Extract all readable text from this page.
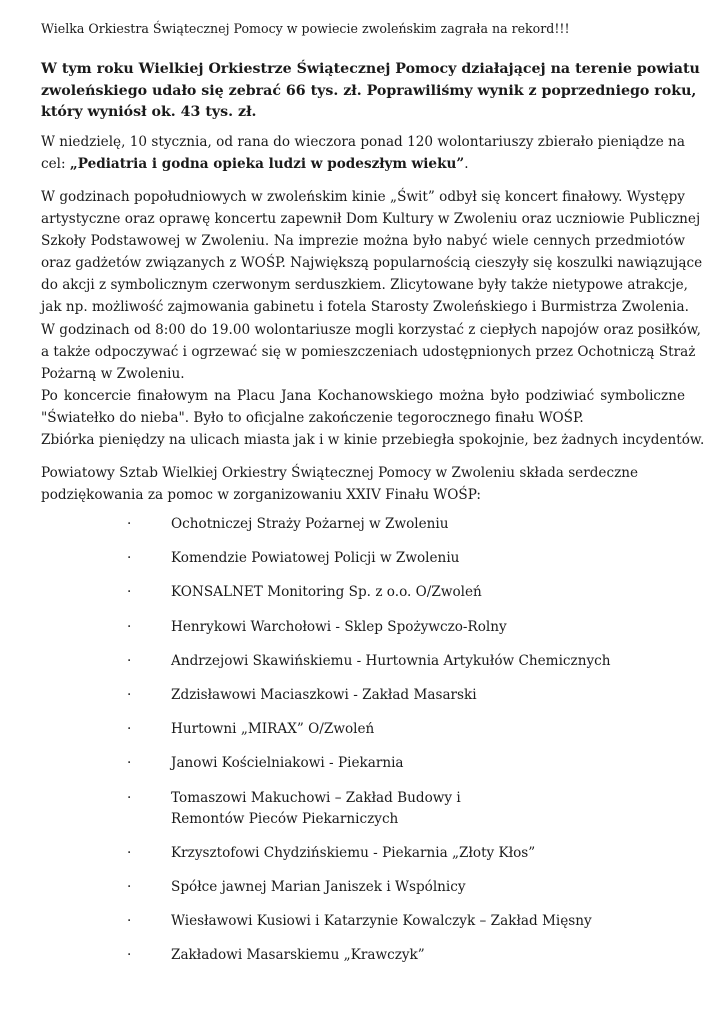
Wielka Orkiestra Świątecznej Pomocy w powiecie zwoleńskim zagrała na rekord!!!
W tym roku Wielkiej Orkiestrze Świątecznej Pomocy działającej na terenie powiatu
zwoleńskiego udało się zebrać 66 tys. zł. Poprawiliśmy wynik z poprzedniego roku,
który wyniósł ok. 43 tys. zł.
W niedzielę, 10 stycznia, od rana do wieczora ponad 120 wolontariuszy zbierało pieniądze na
cel: „Pediatria i godna opieka ludzi w podeszłym wieku”.
W godzinach popołudniowych w zwoleńskim kinie „Świt” odbył się koncert finałowy. Występy
artystyczne oraz oprawę koncertu zapewnił Dom Kultury w Zwoleniu oraz uczniowie Publicznej
Szkoły Podstawowej w Zwoleniu. Na imprezie można było nabyć wiele cennych przedmiotów
oraz gadżetów związanych z WOŚP. Największą popularnością cieszyły się koszulki nawiązujące
do akcji z symbolicznym czerwonym serduszkiem. Zlicytowane były także nietypowe atrakcje,
jak np. możliwość zajmowania gabinetu i fotela Starosty Zwoleńskiego i Burmistrza Zwolenia.
W godzinach od 8:00 do 19.00 wolontariusze mogli korzystać z ciepłych napojów oraz posiłków,
a także odpoczywać i ogrzewać się w pomieszczeniach udostępnionych przez Ochotniczą Straż
Pożarną w Zwoleniu.
Po koncercie finałowym na Placu Jana Kochanowskiego można było podziwiać symboliczne
"Światełko do nieba". Było to oficjalne zakończenie tegorocznego finału WOŚP.
Zbiórka pieniędzy na ulicach miasta jak i w kinie przebiegła spokojnie, bez żadnych incydentów.
Powiatowy Sztab Wielkiej Orkiestry Świątecznej Pomocy w Zwoleniu składa serdeczne
podziękowania za pomoc w zorganizowaniu XXIV Finału WOŚP:
·	Ochotniczej Straży Pożarnej w Zwoleniu
·	Komendzie Powiatowej Policji w Zwoleniu
·	KONSALNET Monitoring Sp. z o.o. O/Zwoleń
·	Henrykowi Warchołowi - Sklep Spożywczo-Rolny
·	Andrzejowi Skawińskiemu - Hurtownia Artykułów Chemicznych
·	Zdzisławowi Maciaszkowi - Zakład Masarski
·	Hurtowni „MIRAX” O/Zwoleń
·	Janowi Kościelniakowi - Piekarnia
·	Tomaszowi Makuchowi – Zakład Budowy i Remontów Pieców Piekarniczych
·	Krzysztofowi Chydzińskiemu - Piekarnia „Złoty Kłos”
·	Spółce jawnej Marian Janiszek i Wspólnicy
·	Wiesławowi Kusiowi i Katarzynie Kowalczyk – Zakład Mięsny
·	Zakładowi Masarskiemu „Krawczyk”
